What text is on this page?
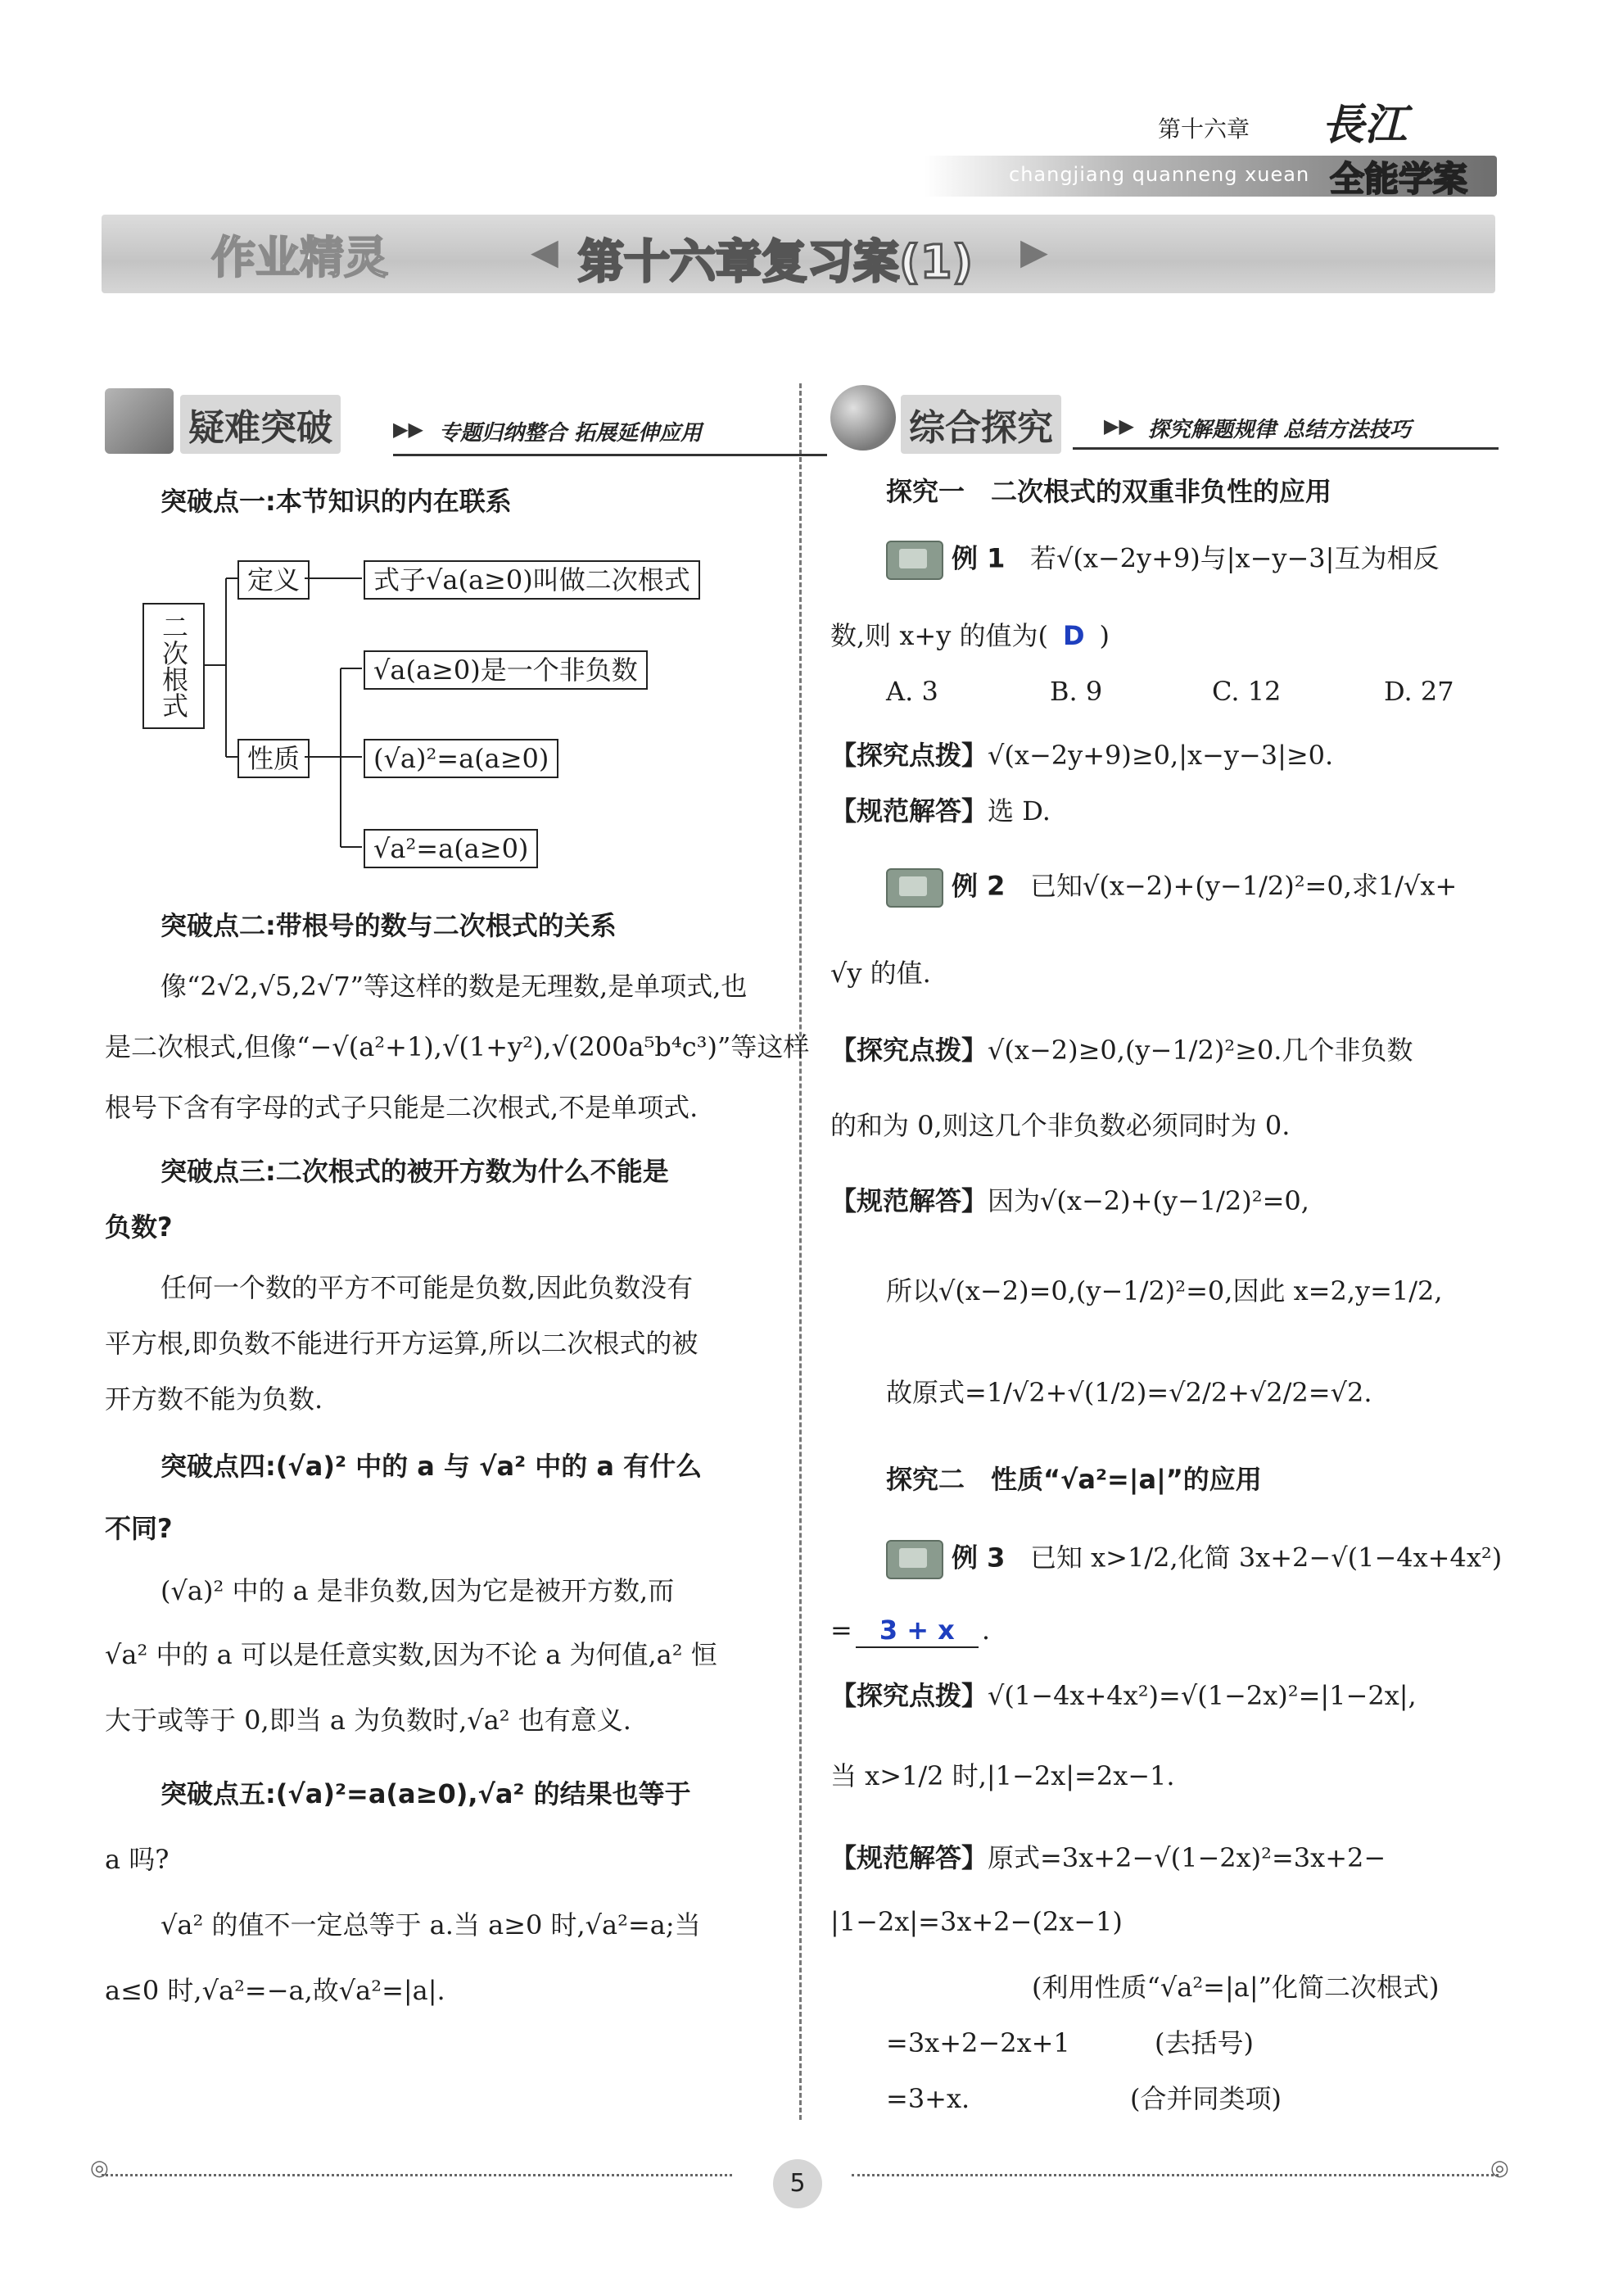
第十六章
changjiang quanneng xuean
長江
全能学案
作业精灵	◀ 第十六章复习案(1) ▶
疑难突破	▶▶ 专题归纳整合 拓展延伸应用
突破点一:本节知识的内在联系
二次根式
定义
性质
式子√a(a≥0)叫做二次根式
√a(a≥0)是一个非负数
(√a)²=a(a≥0)
√a²=a(a≥0)
突破点二:带根号的数与二次根式的关系
像“2√2,√5,2√7”等这样的数是无理数,是单项式,也
是二次根式,但像“−√(a²+1),√(1+y²),√(200a⁵b⁴c³)”等这样
根号下含有字母的式子只能是二次根式,不是单项式.
突破点三:二次根式的被开方数为什么不能是
负数?
任何一个数的平方不可能是负数,因此负数没有
平方根,即负数不能进行开方运算,所以二次根式的被
开方数不能为负数.
突破点四:(√a)² 中的 a 与 √a² 中的 a 有什么
不同?
(√a)² 中的 a 是非负数,因为它是被开方数,而
√a² 中的 a 可以是任意实数,因为不论 a 为何值,a² 恒
大于或等于 0,即当 a 为负数时,√a² 也有意义.
突破点五:(√a)²=a(a≥0),√a² 的结果也等于
a 吗?
√a² 的值不一定总等于 a.当 a≥0 时,√a²=a;当
a≤0 时,√a²=−a,故√a²=|a|.
综合探究	▶▶ 探究解题规律 总结方法技巧
探究一　二次根式的双重非负性的应用
例 1 若√(x−2y+9)与|x−y−3|互为相反
数,则 x+y 的值为( D )
A. 3	B. 9	C. 12	D. 27
【探究点拨】√(x−2y+9)≥0,|x−y−3|≥0.
【规范解答】选 D.
例 2 已知√(x−2)+(y−1/2)²=0,求1/√x+
√y 的值.
【探究点拨】√(x−2)≥0,(y−1/2)²≥0.几个非负数
的和为 0,则这几个非负数必须同时为 0.
【规范解答】因为√(x−2)+(y−1/2)²=0,
所以√(x−2)=0,(y−1/2)²=0,因此 x=2,y=1/2,
故原式=1/√2+√(1/2)=√2/2+√2/2=√2.
探究二　性质“√a²=|a|”的应用
例 3 已知 x>1/2,化简 3x+2−√(1−4x+4x²)
= 3 + x .
【探究点拨】√(1−4x+4x²)=√(1−2x)²=|1−2x|,
当 x>1/2 时,|1−2x|=2x−1.
【规范解答】原式=3x+2−√(1−2x)²=3x+2−
|1−2x|=3x+2−(2x−1)
(利用性质“√a²=|a|”化简二次根式)
=3x+2−2x+1	(去括号)
=3+x.	(合并同类项)
◎	◎
5
